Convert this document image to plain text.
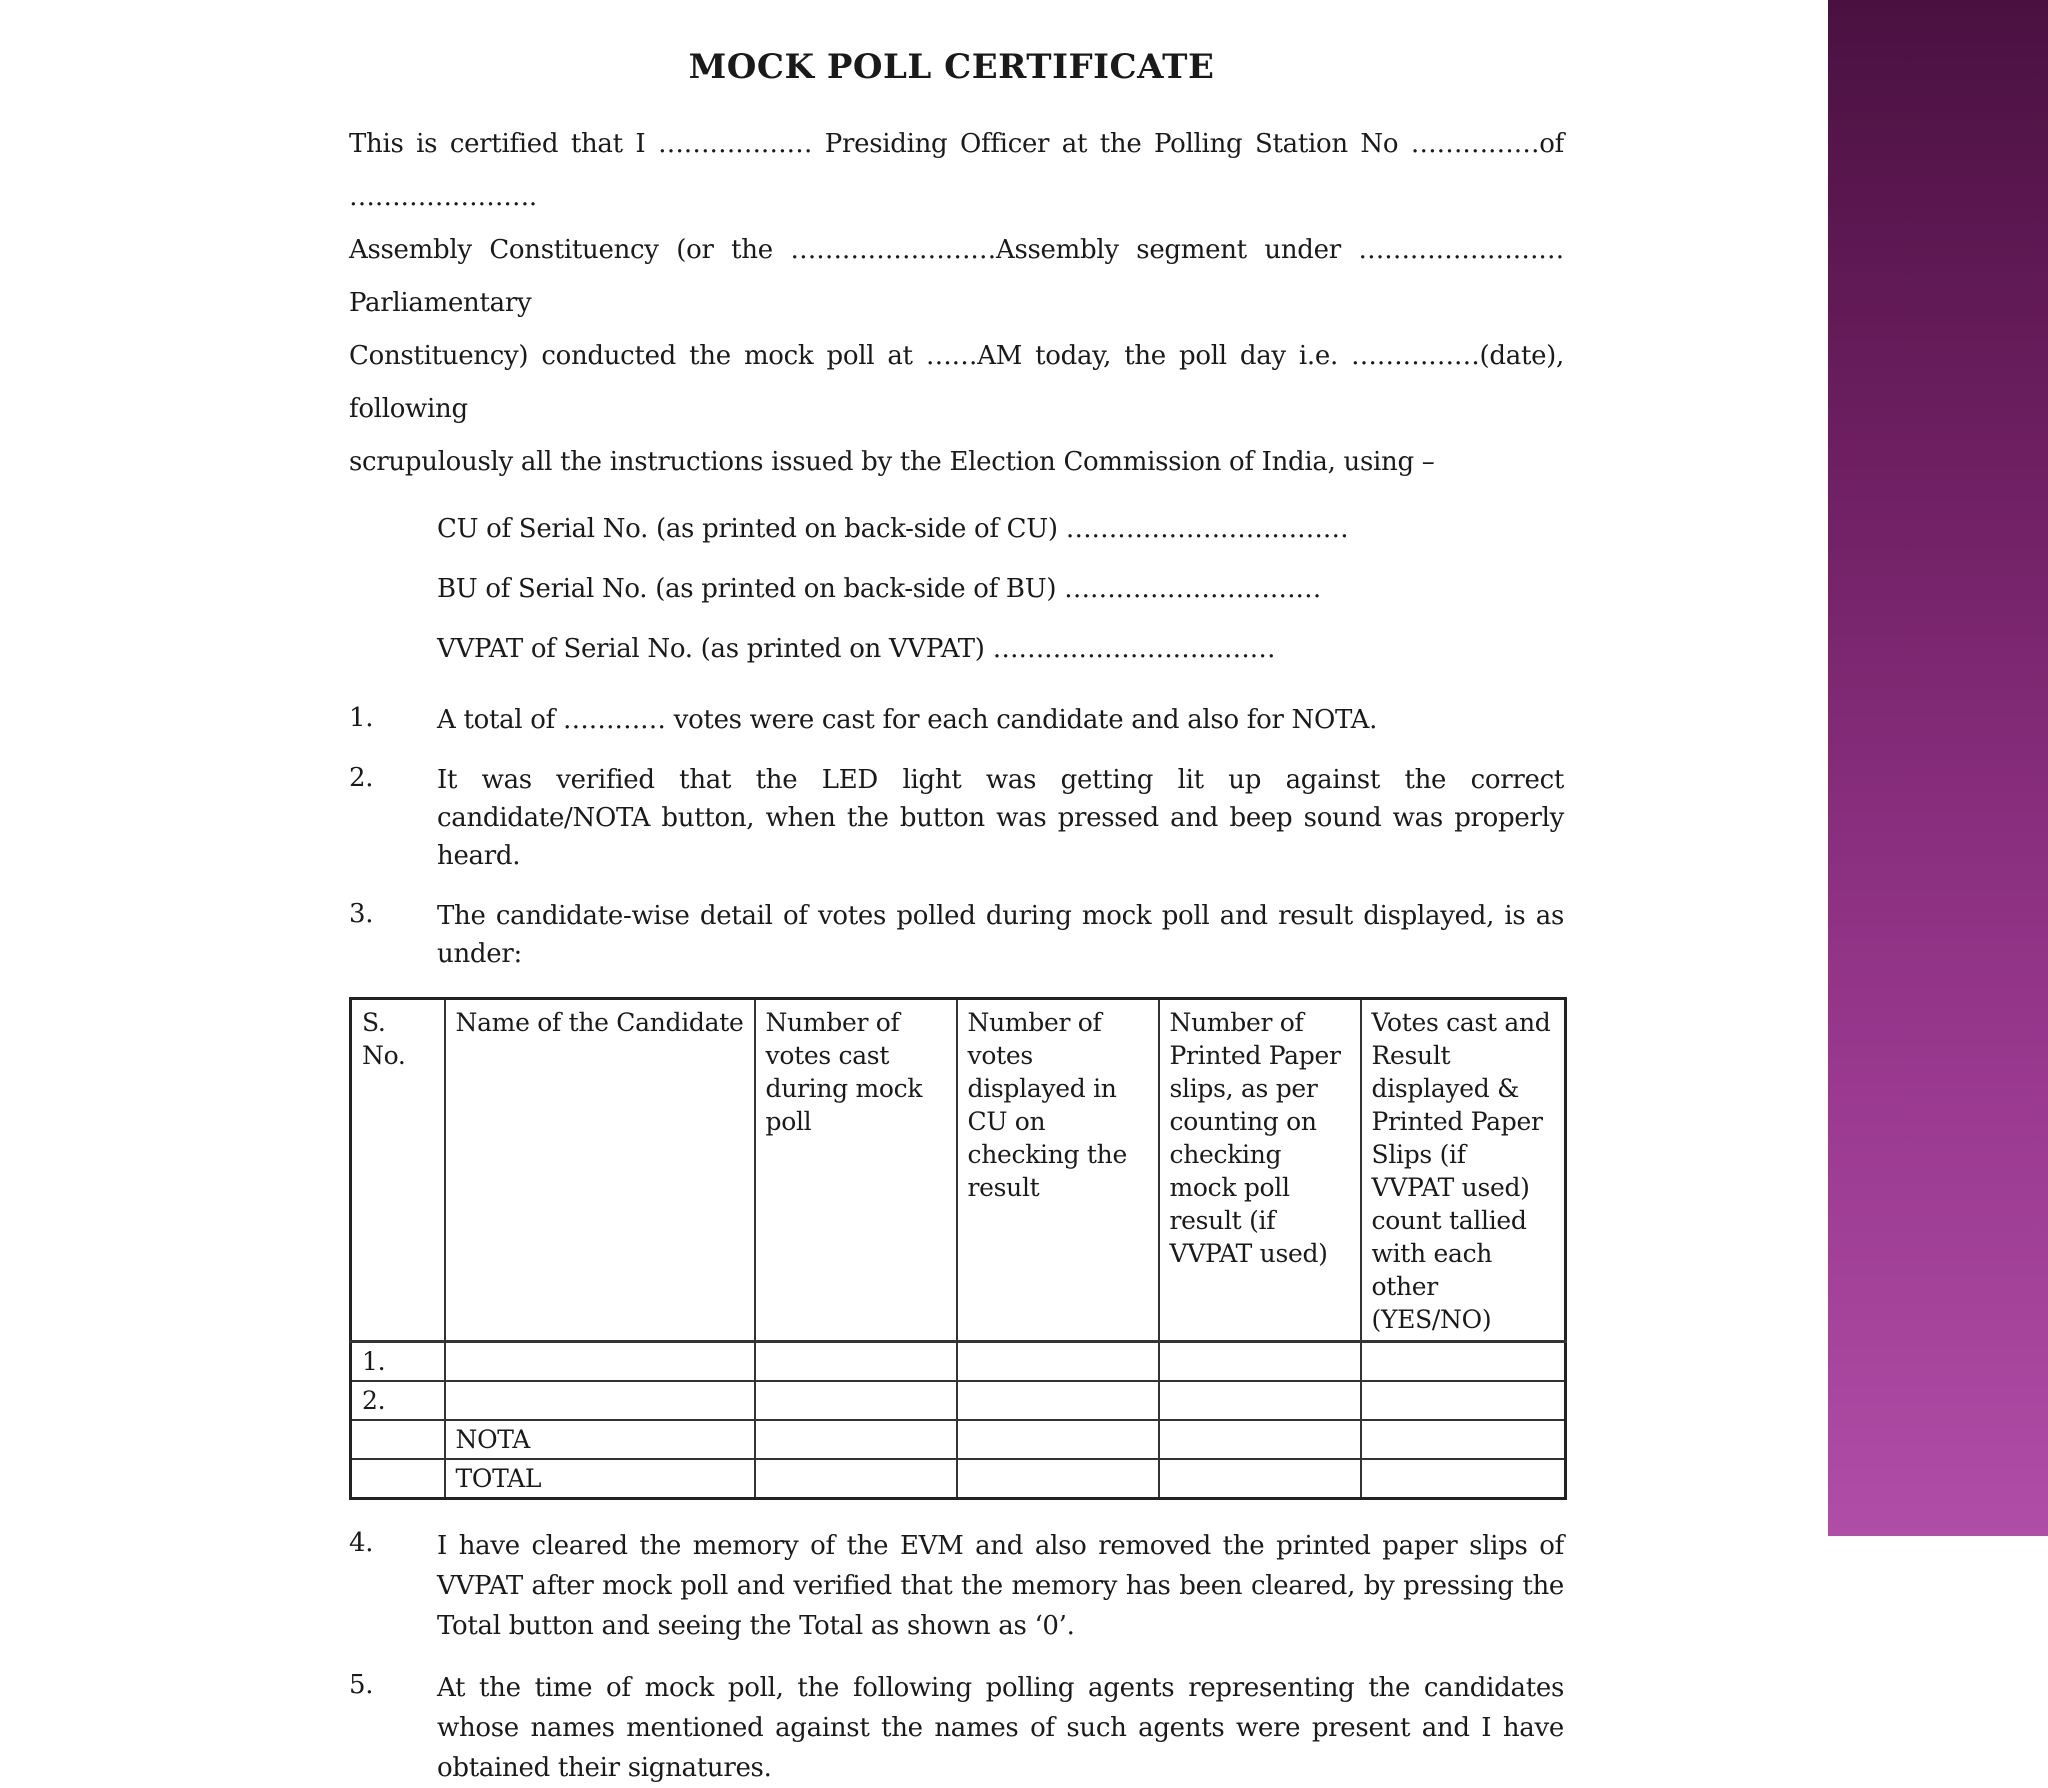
MOCK POLL CERTIFICATE
This is certified that I ……………… Presiding Officer at the Polling Station No ……………of ………………….
Assembly Constituency (or the ……………………Assembly segment under ……………………Parliamentary
Constituency) conducted the mock poll at ……AM today, the poll day i.e. ……………(date), following
scrupulously all the instructions issued by the Election Commission of India, using –
CU of Serial No. (as printed on back-side of CU) ……………………………
BU of Serial No. (as printed on back-side of BU) …………………………
VVPAT of Serial No. (as printed on VVPAT) ……………………………
1.	A total of ………… votes were cast for each candidate and also for NOTA.
2.	It was verified that the LED light was getting lit up against the correct candidate/NOTA button, when the button was pressed and beep sound was properly heard.
3.	The candidate-wise detail of votes polled during mock poll and result displayed, is as under:
S. No.	Name of the Candidate	Number of votes cast during mock poll	Number of votes displayed in CU on checking the result	Number of Printed Paper slips, as per counting on checking mock poll result (if VVPAT used)	Votes cast and Result displayed & Printed Paper Slips (if VVPAT used) count tallied with each other (YES/NO)
1.					
2.					
	NOTA				
	TOTAL				
4.	I have cleared the memory of the EVM and also removed the printed paper slips of VVPAT after mock poll and verified that the memory has been cleared, by pressing the Total button and seeing the Total as shown as ‘0’.
5.	At the time of mock poll, the following polling agents representing the candidates whose names mentioned against the names of such agents were present and I have obtained their signatures.
